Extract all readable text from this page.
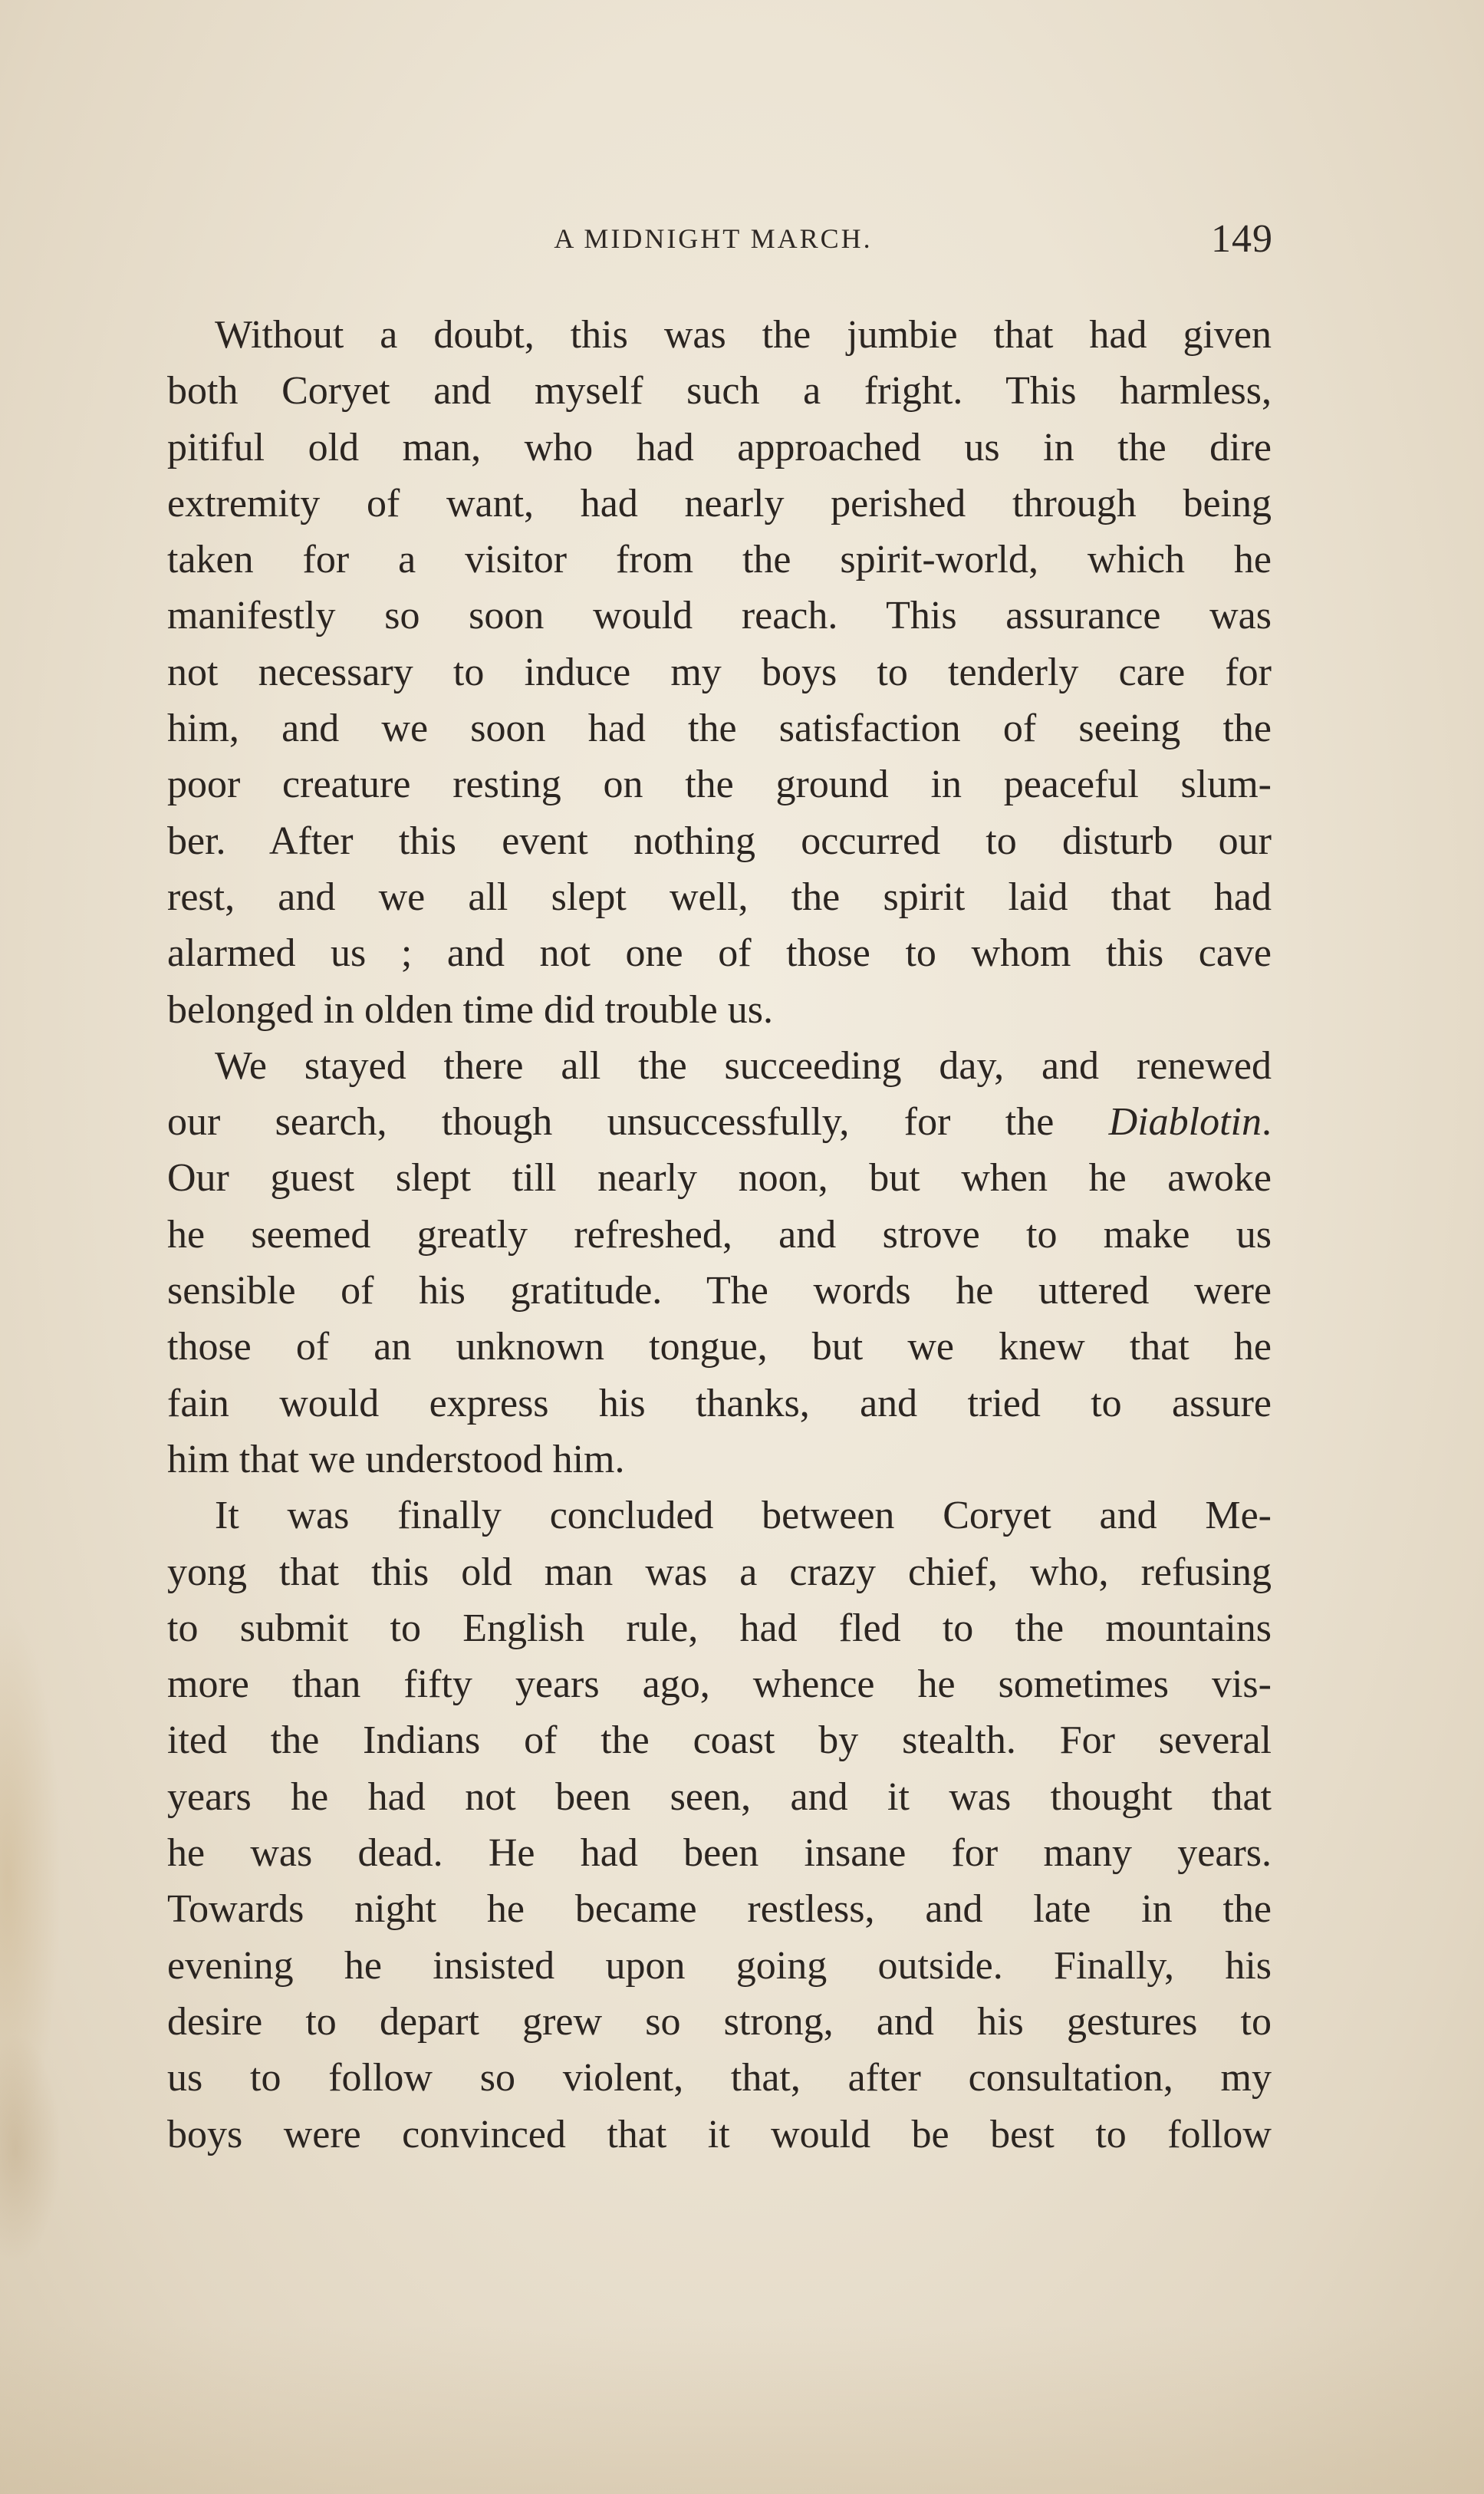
A MIDNIGHT MARCH.	149
Without a doubt, this was the jumbie that had given
both Coryet and myself such a fright. This harmless,
pitiful old man, who had approached us in the dire
extremity of want, had nearly perished through being
taken for a visitor from the spirit-world, which he
manifestly so soon would reach. This assurance was
not necessary to induce my boys to tenderly care for
him, and we soon had the satisfaction of seeing the
poor creature resting on the ground in peaceful slum-
ber. After this event nothing occurred to disturb our
rest, and we all slept well, the spirit laid that had
alarmed us ; and not one of those to whom this cave
belonged in olden time did trouble us.
We stayed there all the succeeding day, and renewed
our search, though unsuccessfully, for the Diablotin.
Our guest slept till nearly noon, but when he awoke
he seemed greatly refreshed, and strove to make us
sensible of his gratitude. The words he uttered were
those of an unknown tongue, but we knew that he
fain would express his thanks, and tried to assure
him that we understood him.
It was finally concluded between Coryet and Me-
yong that this old man was a crazy chief, who, refusing
to submit to English rule, had fled to the mountains
more than fifty years ago, whence he sometimes vis-
ited the Indians of the coast by stealth. For several
years he had not been seen, and it was thought that
he was dead. He had been insane for many years.
Towards night he became restless, and late in the
evening he insisted upon going outside. Finally, his
desire to depart grew so strong, and his gestures to
us to follow so violent, that, after consultation, my
boys were convinced that it would be best to follow
